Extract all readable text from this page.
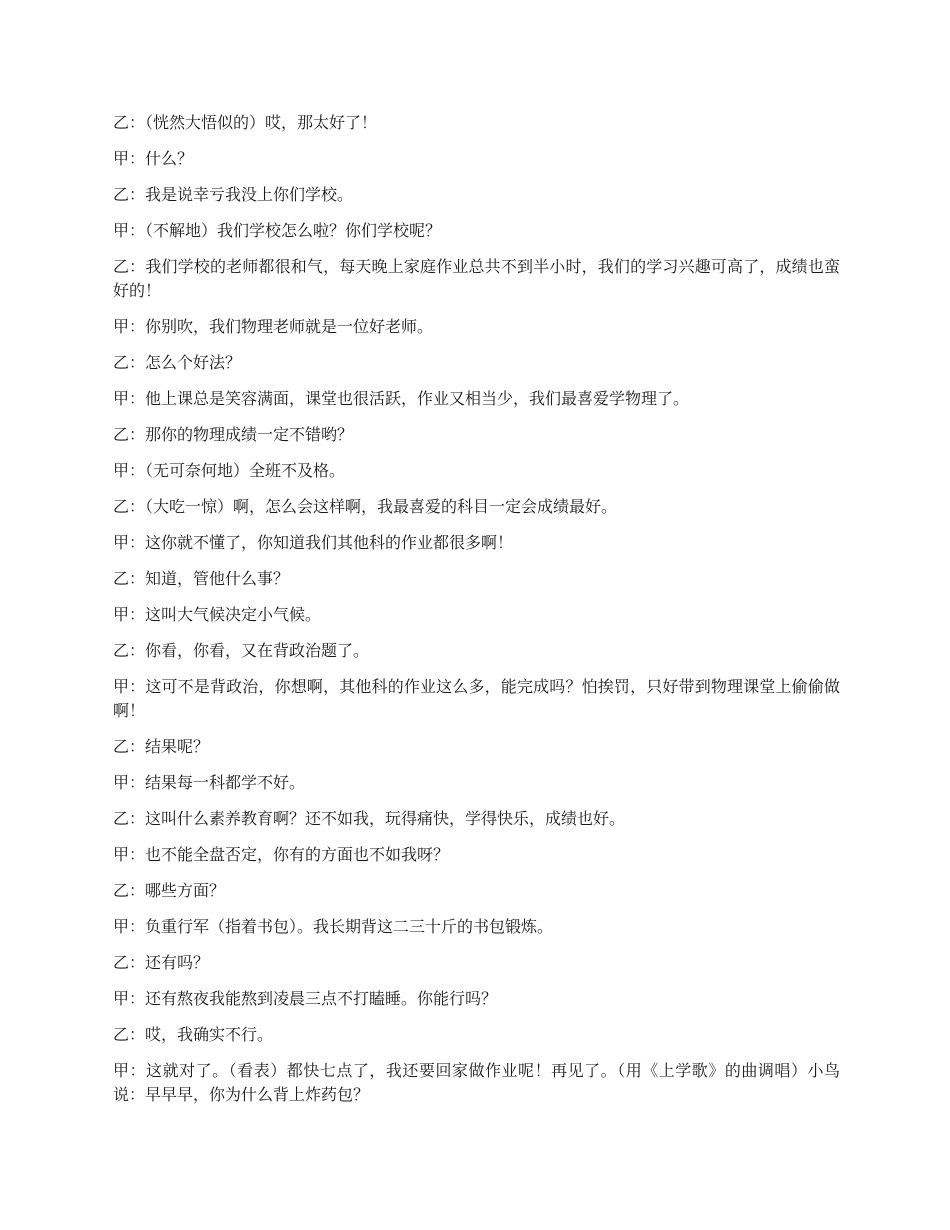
乙：（恍然大悟似的）哎，那太好了！

甲：什么？

乙：我是说幸亏我没上你们学校。

甲：（不解地）我们学校怎么啦？你们学校呢？

乙：我们学校的老师都很和气，每天晚上家庭作业总共不到半小时，我们的学习兴趣可高了，成绩也蛮好的！

甲：你别吹，我们物理老师就是一位好老师。

乙：怎么个好法？

甲：他上课总是笑容满面，课堂也很活跃，作业又相当少，我们最喜爱学物理了。

乙：那你的物理成绩一定不错哟？

甲：（无可奈何地）全班不及格。

乙：（大吃一惊）啊，怎么会这样啊，我最喜爱的科目一定会成绩最好。

甲：这你就不懂了，你知道我们其他科的作业都很多啊！

乙：知道，管他什么事？

甲：这叫大气候决定小气候。

乙：你看，你看，又在背政治题了。

甲：这可不是背政治，你想啊，其他科的作业这么多，能完成吗？怕挨罚，只好带到物理课堂上偷偷做啊！

乙：结果呢？

甲：结果每一科都学不好。

乙：这叫什么素养教育啊？还不如我，玩得痛快，学得快乐，成绩也好。

甲：也不能全盘否定，你有的方面也不如我呀？

乙：哪些方面？

甲：负重行军（指着书包）。我长期背这二三十斤的书包锻炼。

乙：还有吗？

甲：还有熬夜我能熬到凌晨三点不打瞌睡。你能行吗？

乙：哎，我确实不行。

甲：这就对了。（看表）都快七点了，我还要回家做作业呢！再见了。（用《上学歌》的曲调唱）小鸟说：早早早，你为什么背上炸药包？
